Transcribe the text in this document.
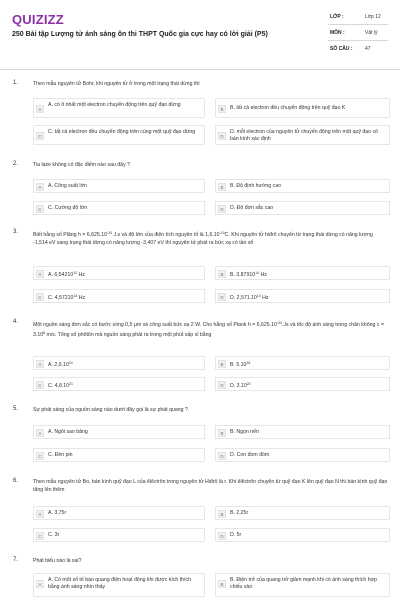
QUIZIZZ
250 Bài tập Lượng tử ánh sáng ôn thi THPT Quốc gia cực hay có lời giải (P5)
LỚP :	Lớp 12
MÔN :	Vật lý
SỐ CÂU :	47
1.	Theo mẫu nguyên tử Bohr, khi nguyên tử ở trong một trạng thái dừng thì
A
A. có ít nhất một electron chuyển động trên quỹ đạo dừng
B	B. tất cả electron đều chuyển động trên quỹ đạo K
C
C. tất cả electron đều chuyển động trên cùng một quỹ đạo dừng
D
D. mỗi electron của nguyên tử chuyển động trên một quỹ đạo có bán kính xác định
2.	Tia laze không có đặc điểm nào sau đây ?
A	A. Công suất lớn	B	B. Độ định hướng cao
C	C. Cường độ lớn	D	D. Độ đơn sắc cao
3.	Biết hằng số Plăng $h = 6,625.10^{-34}$ J.s và độ lớn của điện tích nguyên tố là $1,6.10^{-19}C$. Khi nguyên tử hiđrô chuyển từ trạng thái dừng có năng lượng -1,514 eV sang trạng thái dừng có năng lượng -3,407 eV thì nguyên tử phát ra bức xạ có tần số
A	A. 6,54210$^{12}$ Hz	B	B. 3,87910$^{14}$ Hz
C	C. 4,57210$^{14}$ Hz	D	D. 2,571.10$^{13}$ Hz
4.	Một nguồn sáng đơn sắc có bước sóng 0,5 μm và công suất bức xạ 2 W. Cho hằng số Plank $h = 6,625.10^{-34}.Js$ và tốc độ ánh sáng trong chân không $c = 3.10^8$ m/s. Tổng số phôtôn mà nguồn sáng phát ra trong một phút xấp xỉ bằng
A	A. 2,9.10$^{24}$	B	B. 5.10$^{18}$
C	C. 4,8.10$^{21}$	D	D. 3.10$^{20}$
5.	Sự phát sáng của nguồn sáng nào dưới đây gọi là sự phát quang ?
A	A. Ngôi sao băng	B	B. Ngọn nến
C	C. Đèn pin	D	D. Con đom đóm
6.	Theo mẫu nguyên tử Bo, bán kính quỹ đạo L của êlêctrôn trong nguyên tử Hiđrô là r. Khi êlêctrôn chuyển từ quỹ đạo K lên quỹ đạo N thì bán kính quỹ đạo tăng lên thêm
A	A. 3,75r	B	B. 2,25r
C	C. 3r	D	D. 5r
7.	Phát biểu nào là sai?
A
A. Có một số tế bào quang điện hoạt động khi được kích thích bằng ánh sáng nhìn thấy	B
B. Điện trở của quang trở giảm mạnh khi có ánh sáng thích hợp chiếu vào
